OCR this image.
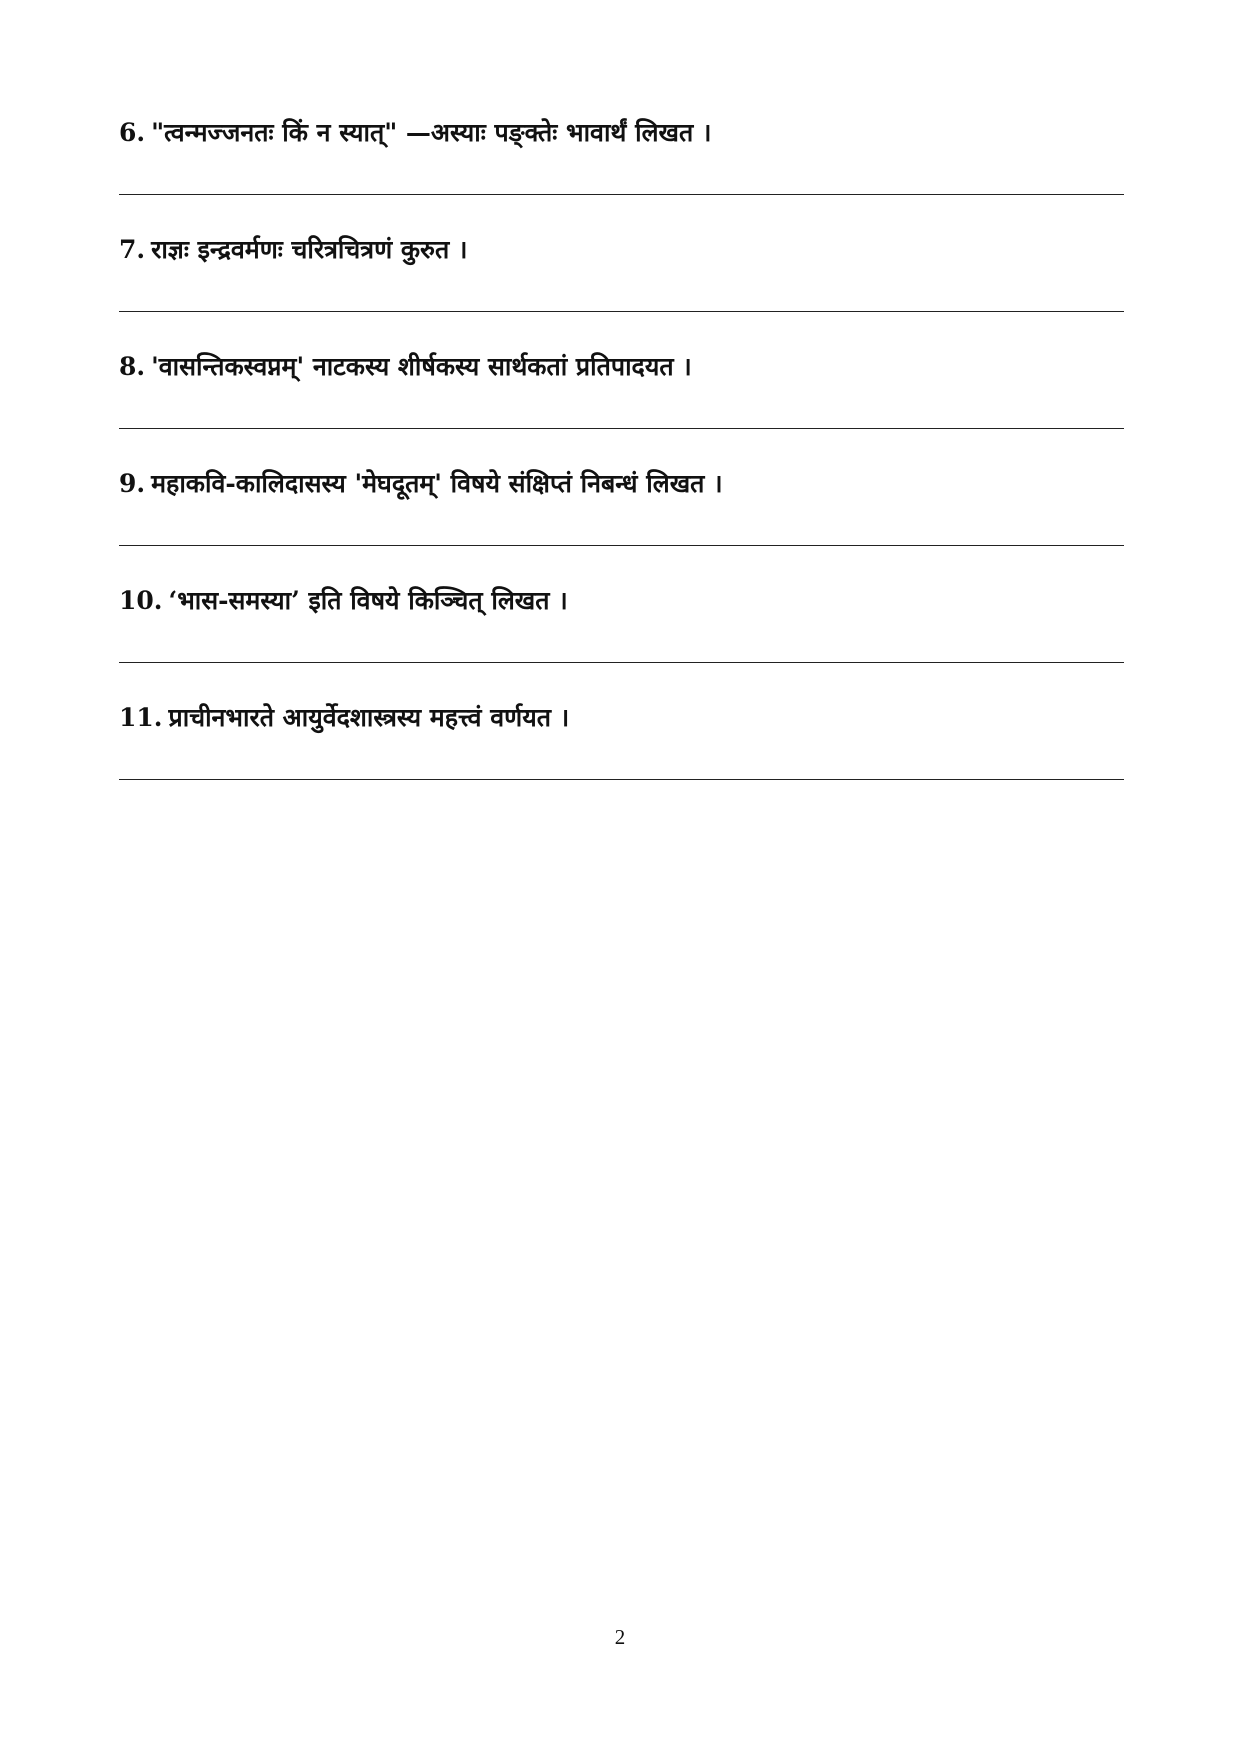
6. "त्वन्मज्जनतः किं न स्यात्" —अस्याः पङ्क्तेः भावार्थं लिखत ।
7. राज्ञः इन्द्रवर्मणः चरित्रचित्रणं कुरुत ।
8. 'वासन्तिकस्वप्नम्' नाटकस्य शीर्षकस्य सार्थकतां प्रतिपादयत ।
9. महाकवि-कालिदासस्य 'मेघदूतम्' विषये संक्षिप्तं निबन्धं लिखत ।
10. ‘भास-समस्या’ इति विषये किञ्चित् लिखत ।
11. प्राचीनभारते आयुर्वेदशास्त्रस्य महत्त्वं वर्णयत ।
2
